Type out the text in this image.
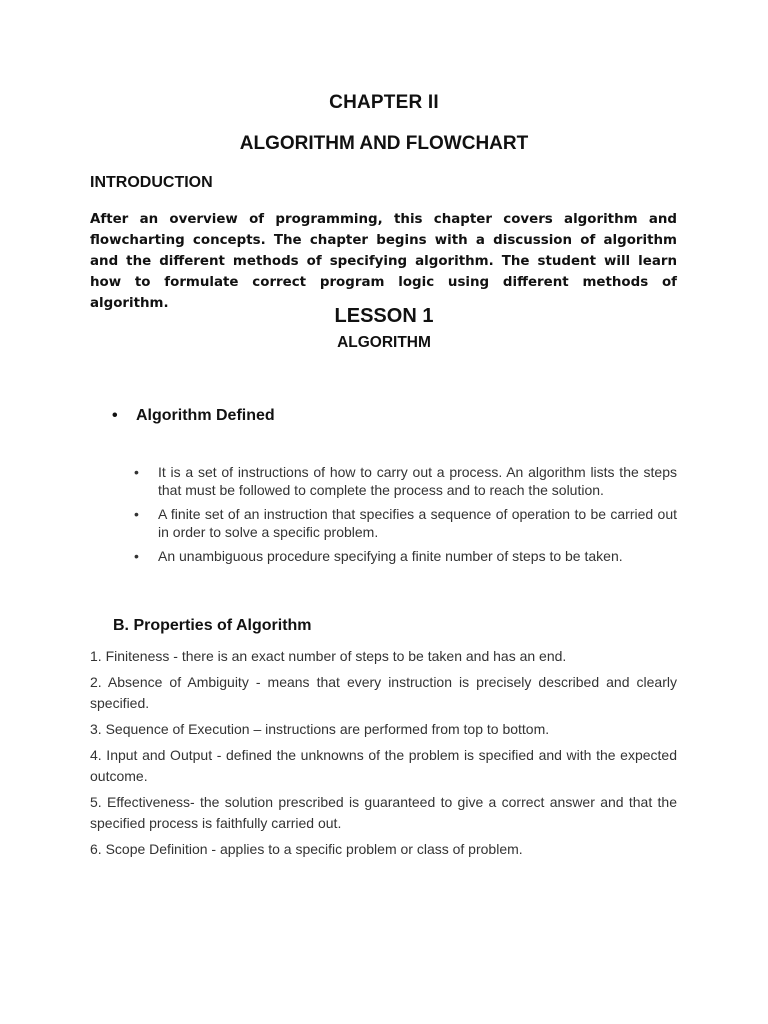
CHAPTER II
ALGORITHM AND FLOWCHART
INTRODUCTION
After an overview of programming, this chapter covers algorithm and flowcharting concepts. The chapter begins with a discussion of algorithm and the different methods of specifying algorithm. The student will learn how to formulate correct program logic using different methods of algorithm.
LESSON 1
ALGORITHM
• Algorithm Defined
• It is a set of instructions of how to carry out a process. An algorithm lists the steps that must be followed to complete the process and to reach the solution.
• A finite set of an instruction that specifies a sequence of operation to be carried out in order to solve a specific problem.
• An unambiguous procedure specifying a finite number of steps to be taken.
B. Properties of Algorithm
1. Finiteness - there is an exact number of steps to be taken and has an end.
2. Absence of Ambiguity - means that every instruction is precisely described and clearly specified.
3. Sequence of Execution – instructions are performed from top to bottom.
4. Input and Output - defined the unknowns of the problem is specified and with the expected outcome.
5. Effectiveness- the solution prescribed is guaranteed to give a correct answer and that the specified process is faithfully carried out.
6. Scope Definition - applies to a specific problem or class of problem.
